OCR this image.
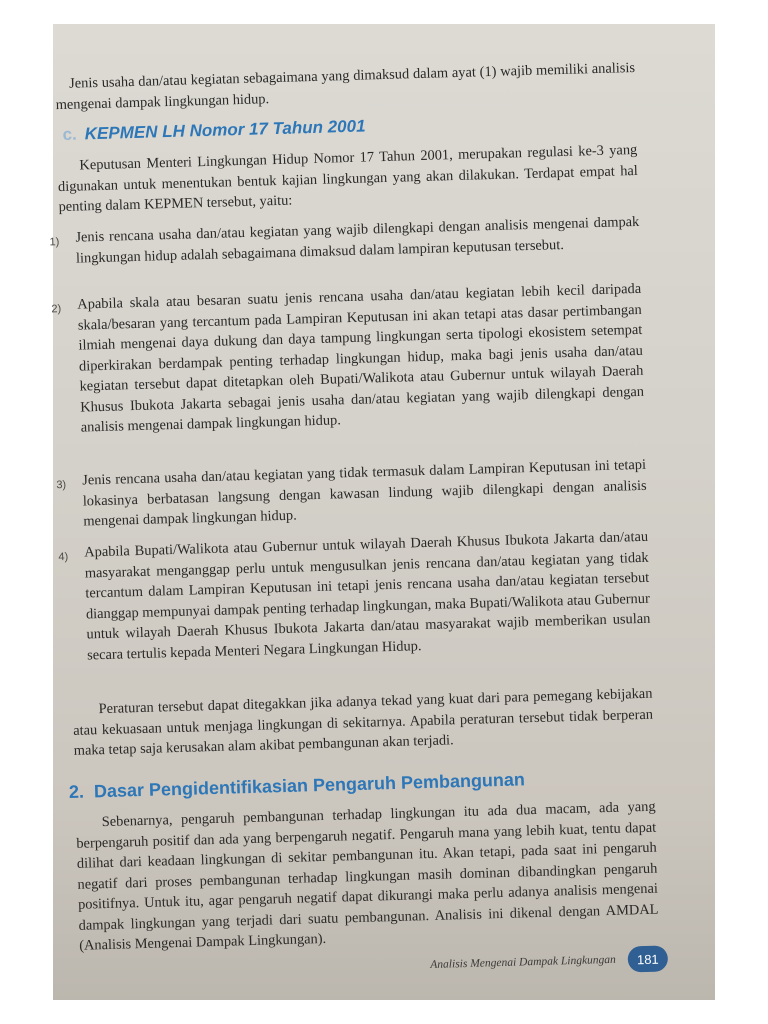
Jenis usaha dan/atau kegiatan sebagaimana yang dimaksud dalam ayat (1) wajib memiliki analisis mengenai dampak lingkungan hidup.

c. KEPMEN LH Nomor 17 Tahun 2001

Keputusan Menteri Lingkungan Hidup Nomor 17 Tahun 2001, merupakan regulasi ke-3 yang digunakan untuk menentukan bentuk kajian lingkungan yang akan dilakukan. Terdapat empat hal penting dalam KEPMEN tersebut, yaitu:

1)	Jenis rencana usaha dan/atau kegiatan yang wajib dilengkapi dengan analisis mengenai dampak lingkungan hidup adalah sebagaimana dimaksud dalam lampiran keputusan tersebut.
2)	Apabila skala atau besaran suatu jenis rencana usaha dan/atau kegiatan lebih kecil daripada skala/besaran yang tercantum pada Lampiran Keputusan ini akan tetapi atas dasar pertimbangan ilmiah mengenai daya dukung dan daya tampung lingkungan serta tipologi ekosistem setempat diperkirakan berdampak penting terhadap lingkungan hidup, maka bagi jenis usaha dan/atau kegiatan tersebut dapat ditetapkan oleh Bupati/Walikota atau Gubernur untuk wilayah Daerah Khusus Ibukota Jakarta sebagai jenis usaha dan/atau kegiatan yang wajib dilengkapi dengan analisis mengenai dampak lingkungan hidup.
3)	Jenis rencana usaha dan/atau kegiatan yang tidak termasuk dalam Lampiran Keputusan ini tetapi lokasinya berbatasan langsung dengan kawasan lindung wajib dilengkapi dengan analisis mengenai dampak lingkungan hidup.
4)	Apabila Bupati/Walikota atau Gubernur untuk wilayah Daerah Khusus Ibukota Jakarta dan/atau masyarakat menganggap perlu untuk mengusulkan jenis rencana dan/atau kegiatan yang tidak tercantum dalam Lampiran Keputusan ini tetapi jenis rencana usaha dan/atau kegiatan tersebut dianggap mempunyai dampak penting terhadap lingkungan, maka Bupati/Walikota atau Gubernur untuk wilayah Daerah Khusus Ibukota Jakarta dan/atau masyarakat wajib memberikan usulan secara tertulis kepada Menteri Negara Lingkungan Hidup.

Peraturan tersebut dapat ditegakkan jika adanya tekad yang kuat dari para pemegang kebijakan atau kekuasaan untuk menjaga lingkungan di sekitarnya. Apabila peraturan tersebut tidak berperan maka tetap saja kerusakan alam akibat pembangunan akan terjadi.

2. Dasar Pengidentifikasian Pengaruh Pembangunan

Sebenarnya, pengaruh pembangunan terhadap lingkungan itu ada dua macam, ada yang berpengaruh positif dan ada yang berpengaruh negatif. Pengaruh mana yang lebih kuat, tentu dapat dilihat dari keadaan lingkungan di sekitar pembangunan itu. Akan tetapi, pada saat ini pengaruh negatif dari proses pembangunan terhadap lingkungan masih dominan dibandingkan pengaruh positifnya. Untuk itu, agar pengaruh negatif dapat dikurangi maka perlu adanya analisis mengenai dampak lingkungan yang terjadi dari suatu pembangunan. Analisis ini dikenal dengan AMDAL (Analisis Mengenai Dampak Lingkungan).

Analisis Mengenai Dampak Lingkungan	181
